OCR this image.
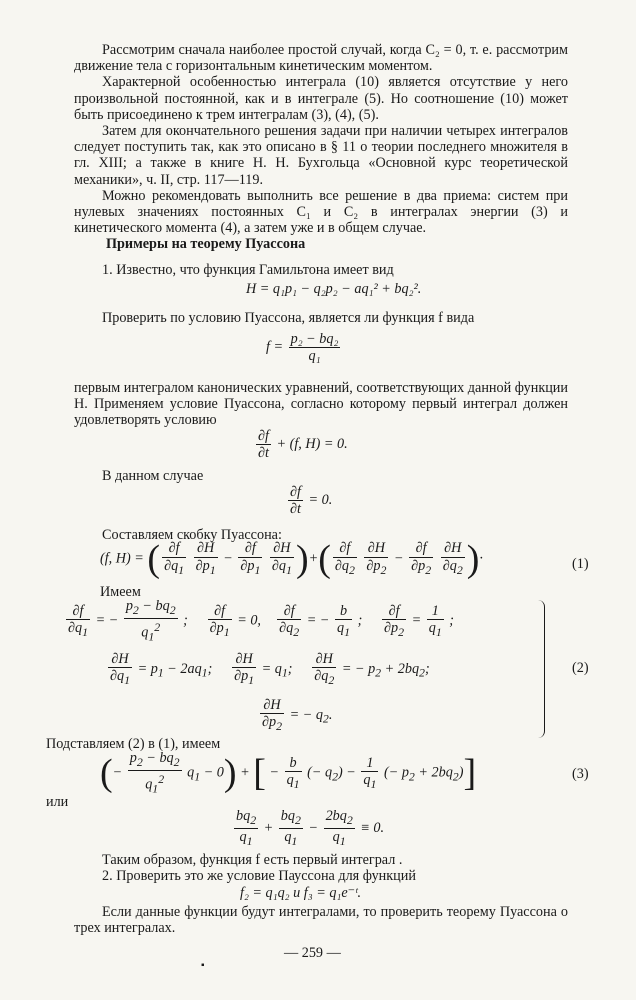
Рассмотрим сначала наиболее простой случай, когда C₂ = 0, т. е. рассмотрим движение тела с горизонтальным кинетическим моментом.

Характерной особенностью интеграла (10) является отсутствие у него произвольной постоянной, как и в интеграле (5). Но соотношение (10) может быть присоединено к трем интегралам (3), (4), (5).

Затем для окончательного решения задачи при наличии четырех интегралов следует поступить так, как это описано в § 11 о теории последнего множителя в гл. XIII; а также в книге Н. Н. Бухгольца «Основной курс теоретической механики», ч. II, стр. 117—119.

Можно рекомендовать выполнить все решение в два приема: систем при нулевых значениях постоянных C₁ и C₂ в интегралах энергии (3) и кинетического момента (4), а затем уже и в общем случае.

Примеры на теорему Пуассона

1. Известно, что функция Гамильтона имеет вид

H = q₁p₁ − q₂p₂ − aq₁² + bq₂².

Проверить по условию Пуассона, является ли функция f вида

$f = \frac{\text{p₂ − bq₂}}{\text{q₁}}$

первым интегралом канонических уравнений, соответствующих данной функции H. Применяем условие Пуассона, согласно которому первый интеграл должен удовлетворять условию

$\frac{\partial f}{\partial t} + (f$, H) = 0.

В данном случае

$\frac{\partial f}{\partial t} = 0$.

Составляем скобку Пуассона:

(f, H) = ( $\frac{\partial f}{\partial q_1}$
$\frac{\partial H}{\partial p_1} - \frac{\partial f}{\partial p_1}$
$\frac{\partial H}{\partial q_1}$ )+( $\frac{\partial f}{\partial q_2}$
$\frac{\partial H}{\partial p_2} - \frac{\partial f}{\partial p_2}$
$\frac{\partial H}{\partial q_2}$ )·	(1)
Имеем
$\frac{\partial f}{\partial q_1}$ = − $\frac{p_2 - bq_2}{q_1^2}$ ; $\frac{\partial f}{\partial p_1} = 0$, $\frac{\partial f}{\partial q_2}$ = − $\frac{b}{q_1}$ ; $\frac{\partial f}{\partial p_2} = \frac{1}{q_1}$ ;
$\frac{\partial H}{\partial q_1} = p_1 - 2aq_1$; $\frac{\partial H}{\partial p_1} = q_1$; $\frac{\partial H}{\partial q_2}$ = − $p_2 + 2bq_2$;
$\frac{\partial H}{\partial p_2}$ = − $q_2$.
(2)
Подставляем (2) в (1), имеем
(− $\frac{p_2 - bq_2}{q_1^2} q_1 - 0$) + [ − $\frac{b}{q_1}$ (− $q_2) - \frac{1}{q_1}$ (− $p_2 + 2bq_2$)]	(3)
или
$\frac{bq_2}{q_1} + \frac{bq_2}{q_1} - \frac{2bq_2}{q_1} \equiv 0$.

Таким образом, функция f есть первый интеграл .

2. Проверить это же условие Пауссона для функций

f₂ = q₁q₂ и f₃ = q₁e⁻ᵗ.

Если данные функции будут интегралами, то проверить теорему Пуассона о трех интегралах.

— 259 —
▪
